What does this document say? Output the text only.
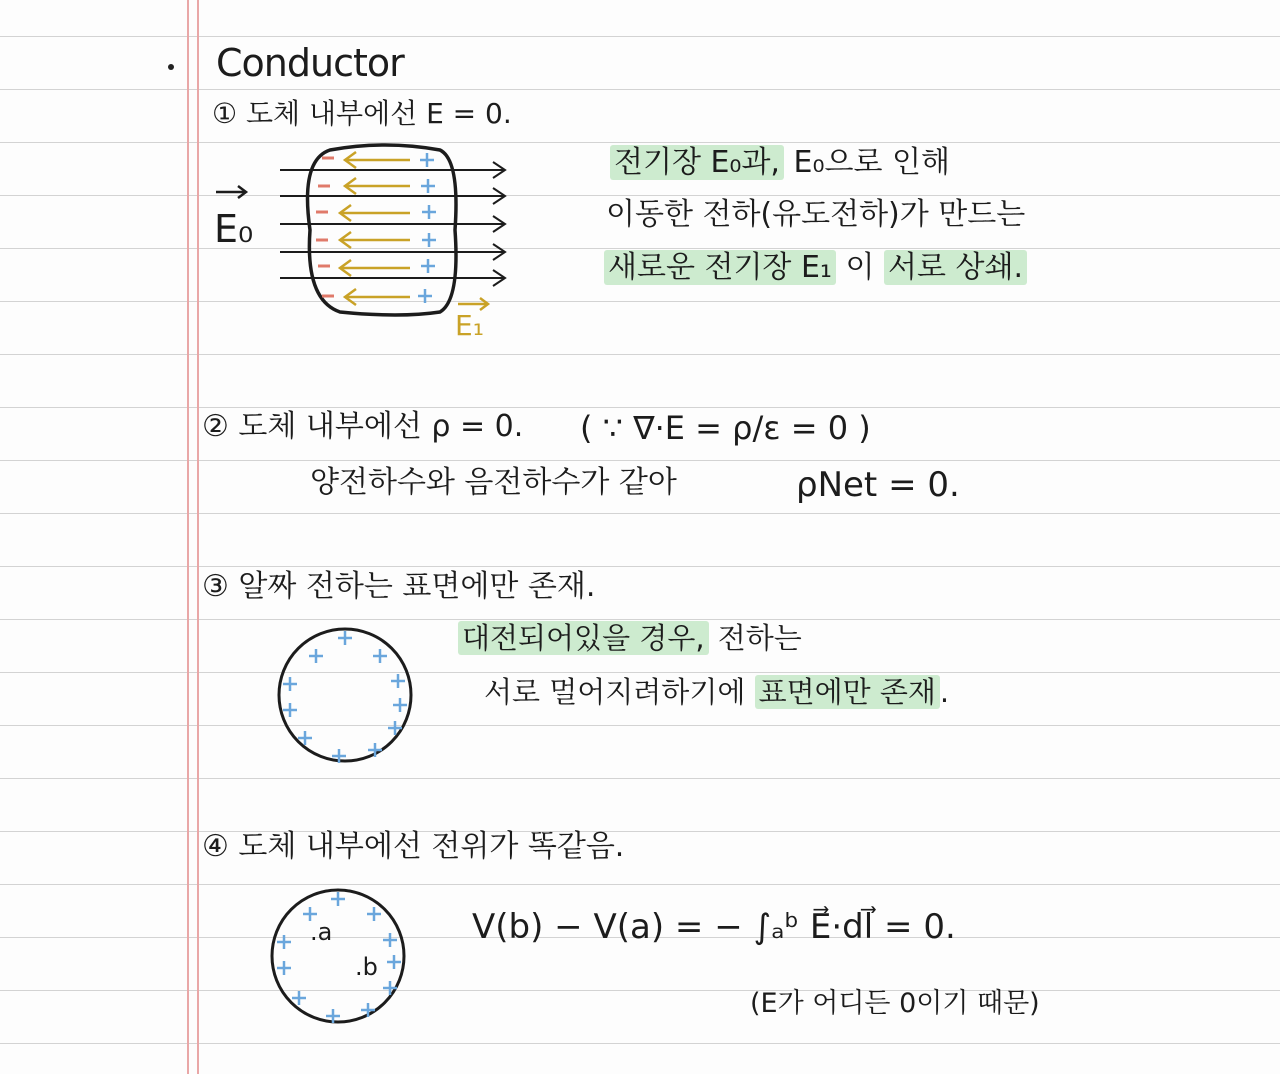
Conductor
① 도체 내부에선 E = 0.
E₀
E₁
전기장 E₀과, E₀으로 인해
이동한 전하(유도전하)가 만드는
새로운 전기장 E₁ 이 서로 상쇄.
② 도체 내부에선 ρ = 0. ( ∵ ∇·E = ρ/ε = 0 )
양전하수와 음전하수가 같아	ρNet = 0.
③ 알짜 전하는 표면에만 존재.
대전되어있을 경우, 전하는
서로 멀어지려하기에 표면에만 존재 .
④ 도체 내부에선 전위가 똑같음.
.a
.b
V(b) − V(a) = − ∫ₐᵇ E⃗·dl⃗ = 0.
(E가 어디든 0이기 때문)
